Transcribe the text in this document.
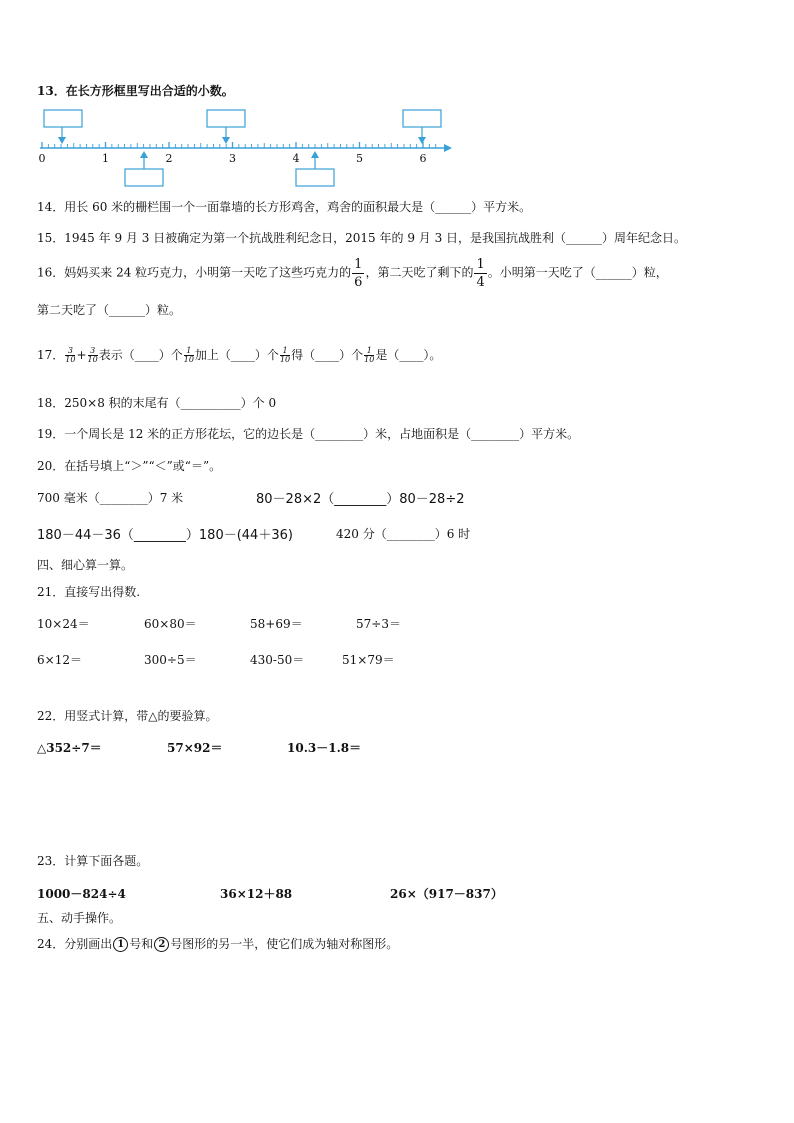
13．在长方形框里写出合适的小数。
0	1	2	3	4	5	6
14．用长 60 米的栅栏围一个一面靠墙的长方形鸡舍，鸡舍的面积最大是（______）平方米。
15．1945 年 9 月 3 日被确定为第一个抗战胜利纪念日，2015 年的 9 月 3 日，是我国抗战胜利（______）周年纪念日。
16．妈妈买来 24 粒巧克力，小明第一天吃了这些巧克力的 $\frac{1}{6}$ ，第二天吃了剩下的 $\frac{1}{4}$ 。小明第一天吃了（______）粒，
第二天吃了（______）粒。
17． $\frac{3}{10} + \frac{3}{10}$ 表示（____）个 $\frac{1}{10}$ 加上（____）个 $\frac{1}{10}$ 得（____）个 $\frac{1}{10}$ 是（____）。
18．250×8 积的末尾有（__________）个 0
19．一个周长是 12 米的正方形花坛，它的边长是（________）米，占地面积是（________）平方米。
20．在括号填上“＞”“＜”或“＝”。
700 毫米（________）7 米	80－28×2（________）80－28÷2
180－44－36（________）180－(44＋36)	420 分（________）6 时
四、细心算一算。
21．直接写出得数.
10×24＝	60×80＝	58+69＝	57÷3＝
6×12＝	300÷5＝	430-50＝	51×79＝
22．用竖式计算，带△的要验算。
△352÷7＝	57×92＝	10.3－1.8＝
23．计算下面各题。
1000－824÷4	36×12＋88	26×（917－837）
五、动手操作。
24．分别画出 1 号和 2 号图形的另一半，使它们成为轴对称图形。
